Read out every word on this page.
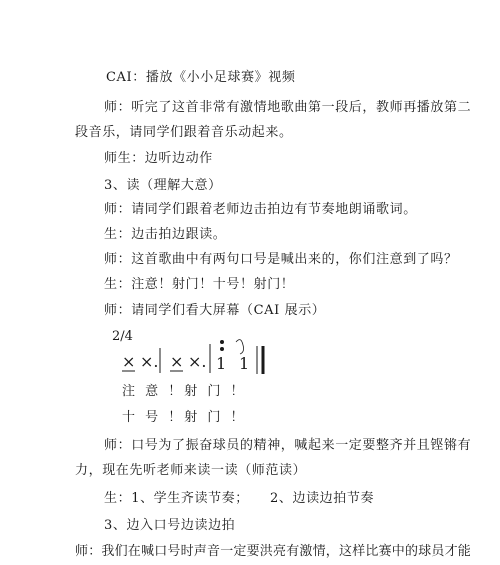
CAI：播放《小小足球赛》视频
师：听完了这首非常有激情地歌曲第一段后，教师再播放第二
段音乐，请同学们跟着音乐动起来。
师生：边听边动作
3、读（理解大意）
师：请同学们跟着老师边击拍边有节奏地朗诵歌词。
生：边击拍边跟读。
师：这首歌曲中有两句口号是喊出来的，你们注意到了吗？
生：注意！射门！十号！射门！
师：请同学们看大屏幕（CAI 展示）
2/4
× ×. × ×. 1 1
注 意 ！射 门 ！
十 号 ！射 门 ！
师：口号为了振奋球员的精神，喊起来一定要整齐并且铿锵有
力，现在先听老师来读一读（师范读）
生：1、学生齐读节奏； 2、边读边拍节奏
3、边入口号边读边拍
师：我们在喊口号时声音一定要洪亮有激情，这样比赛中的球员才能
